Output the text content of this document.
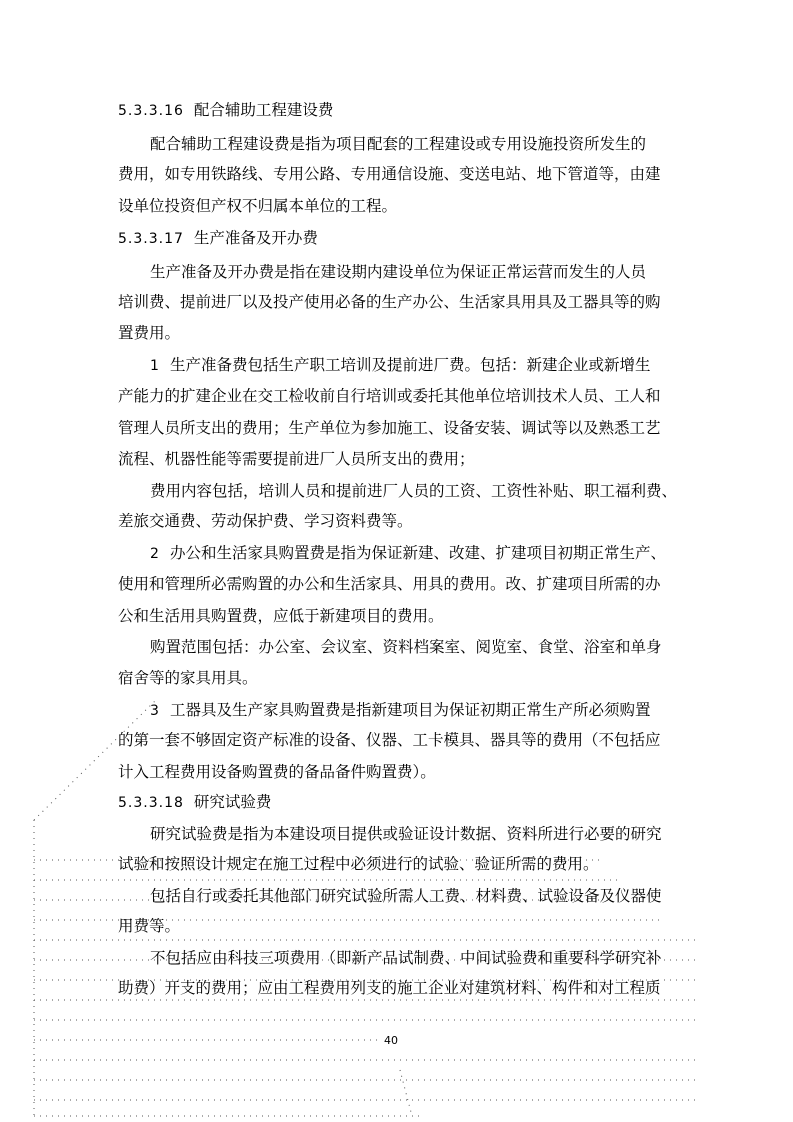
5.3.3.16 配合辅助工程建设费
配合辅助工程建设费是指为项目配套的工程建设或专用设施投资所发生的
费用，如专用铁路线、专用公路、专用通信设施、变送电站、地下管道等，由建
设单位投资但产权不归属本单位的工程。
5.3.3.17 生产准备及开办费
生产准备及开办费是指在建设期内建设单位为保证正常运营而发生的人员
培训费、提前进厂以及投产使用必备的生产办公、生活家具用具及工器具等的购
置费用。
1 生产准备费包括生产职工培训及提前进厂费。包括：新建企业或新增生
产能力的扩建企业在交工检收前自行培训或委托其他单位培训技术人员、工人和
管理人员所支出的费用；生产单位为参加施工、设备安装、调试等以及熟悉工艺
流程、机器性能等需要提前进厂人员所支出的费用；
费用内容包括，培训人员和提前进厂人员的工资、工资性补贴、职工福利费、
差旅交通费、劳动保护费、学习资料费等。
2 办公和生活家具购置费是指为保证新建、改建、扩建项目初期正常生产、
使用和管理所必需购置的办公和生活家具、用具的费用。改、扩建项目所需的办
公和生活用具购置费，应低于新建项目的费用。
购置范围包括：办公室、会议室、资料档案室、阅览室、食堂、浴室和单身
宿舍等的家具用具。
3 工器具及生产家具购置费是指新建项目为保证初期正常生产所必须购置
的第一套不够固定资产标准的设备、仪器、工卡模具、器具等的费用（不包括应
计入工程费用设备购置费的备品备件购置费）。
5.3.3.18 研究试验费
研究试验费是指为本建设项目提供或验证设计数据、资料所进行必要的研究
试验和按照设计规定在施工过程中必须进行的试验、验证所需的费用。
包括自行或委托其他部门研究试验所需人工费、材料费、试验设备及仪器使
用费等。
不包括应由科技三项费用（即新产品试制费、中间试验费和重要科学研究补
助费）开支的费用；应由工程费用列支的施工企业对建筑材料、构件和对工程质
40
